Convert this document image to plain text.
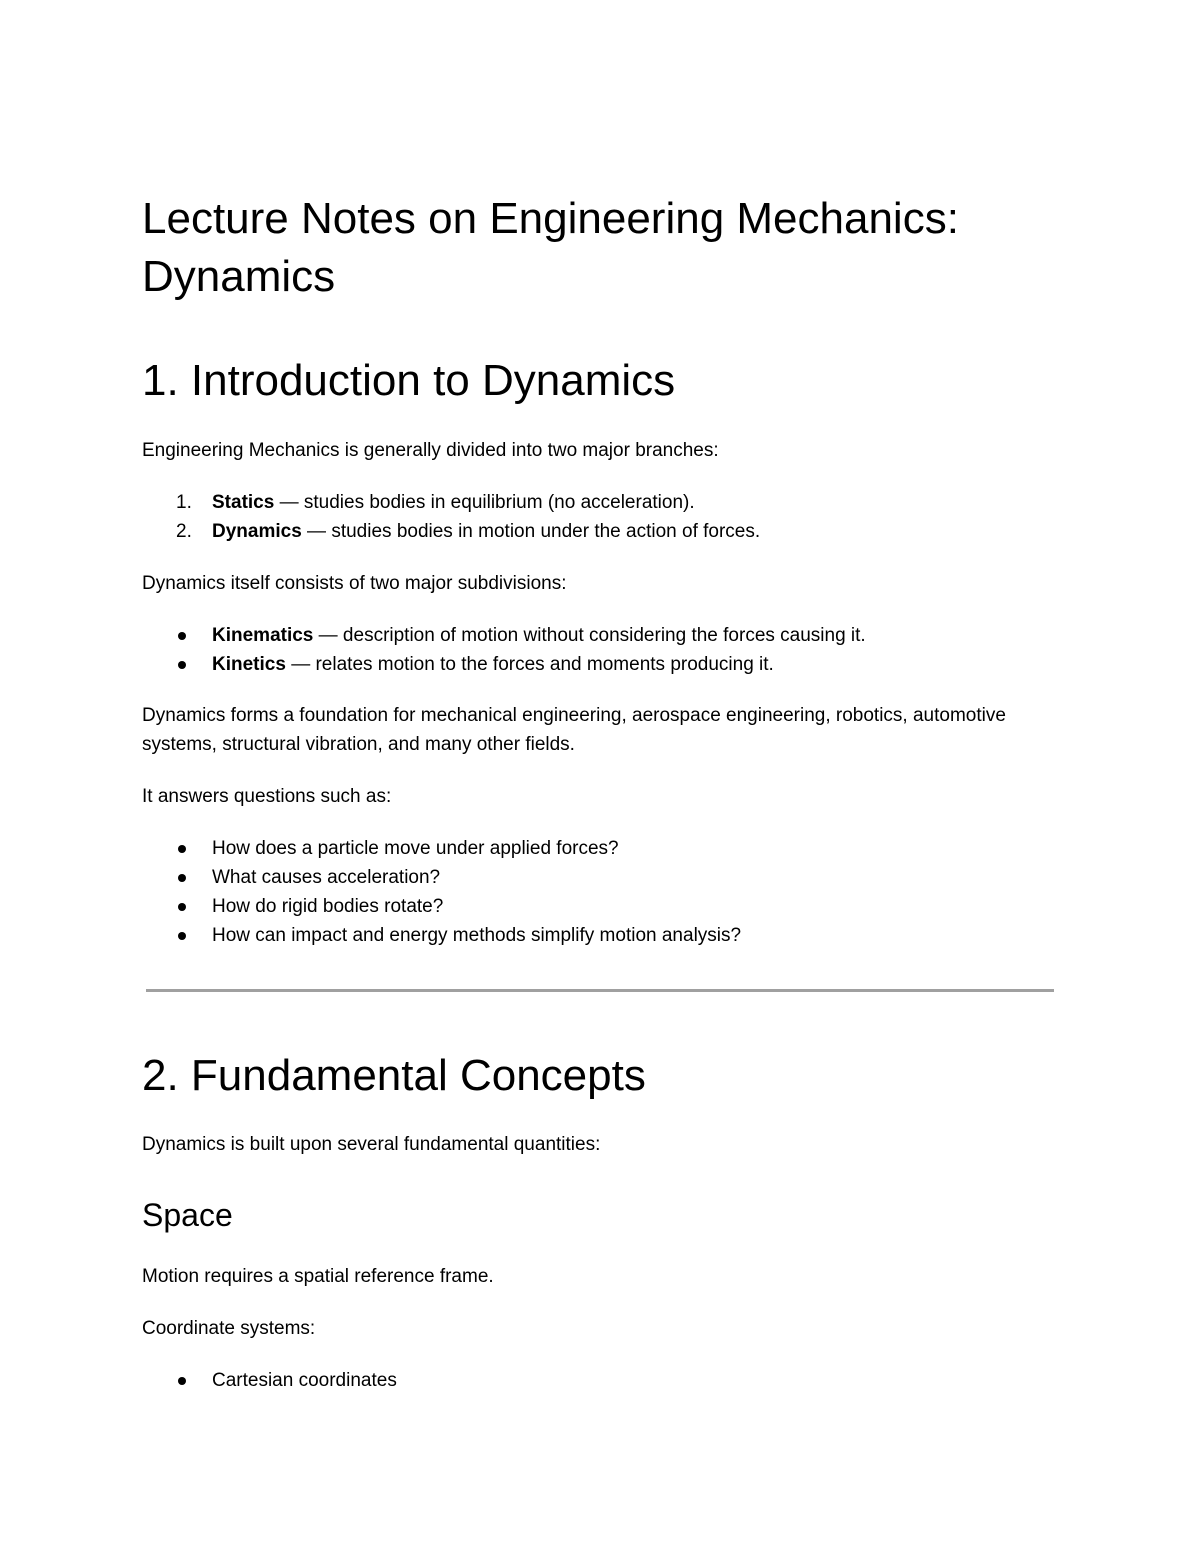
Lecture Notes on Engineering Mechanics: Dynamics
1. Introduction to Dynamics

Engineering Mechanics is generally divided into two major branches:

1. Statics — studies bodies in equilibrium (no acceleration).
2. Dynamics — studies bodies in motion under the action of forces.

Dynamics itself consists of two major subdivisions:

Kinematics — description of motion without considering the forces causing it.
Kinetics — relates motion to the forces and moments producing it.

Dynamics forms a foundation for mechanical engineering, aerospace engineering, robotics, automotive systems, structural vibration, and many other fields.

It answers questions such as:

How does a particle move under applied forces?
What causes acceleration?
How do rigid bodies rotate?
How can impact and energy methods simplify motion analysis?
2. Fundamental Concepts

Dynamics is built upon several fundamental quantities:

Space

Motion requires a spatial reference frame.

Coordinate systems:

Cartesian coordinates
